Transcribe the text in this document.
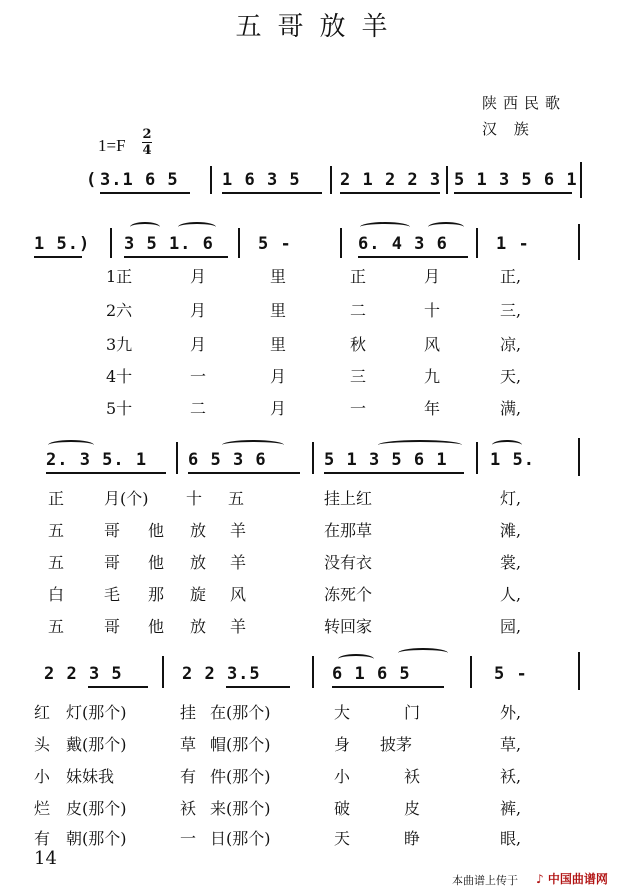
五哥放羊
陕西民歌
汉 族
1=F
2
4
( 3.1 6 5	1 6 3 5 2 1 2 2 3 5 1 3 5 6 1
1 5.) 3 5 1. 6	5 -	6. 4 3 6	1 -
1正	月	里	正	月	正,
2六	月	里	二	十	三,
3九	月	里	秋	风	凉,
4十	一	月	三	九	天,
5十	二	月	一	年	满,
2. 3 5. 1 6 5 3 6	5 1 3 5 6 1 1 5.
正 月(个) 十 五	挂上红	灯,
五 哥 他 放 羊	在那草	滩,
五 哥 他 放 羊	没有衣	裳,
白 毛 那 旋 风	冻死个	人,
五 哥 他 放 羊	转回家	园,
2 2 3 5	2 2 3.5	6 1 6 5	5 -
红 灯(那个)	挂 在(那个)	大	门	外,
头 戴(那个)	草 帽(那个)	身 披茅	草,
小 妹妹我	有 件(那个)	小	袄	袄,
烂 皮(那个)	袄 来(那个)	破	皮	裤,
有 朝(那个)	一 日(那个)	天	睁	眼,
14
本曲谱上传于 ♪ 中国曲谱网
